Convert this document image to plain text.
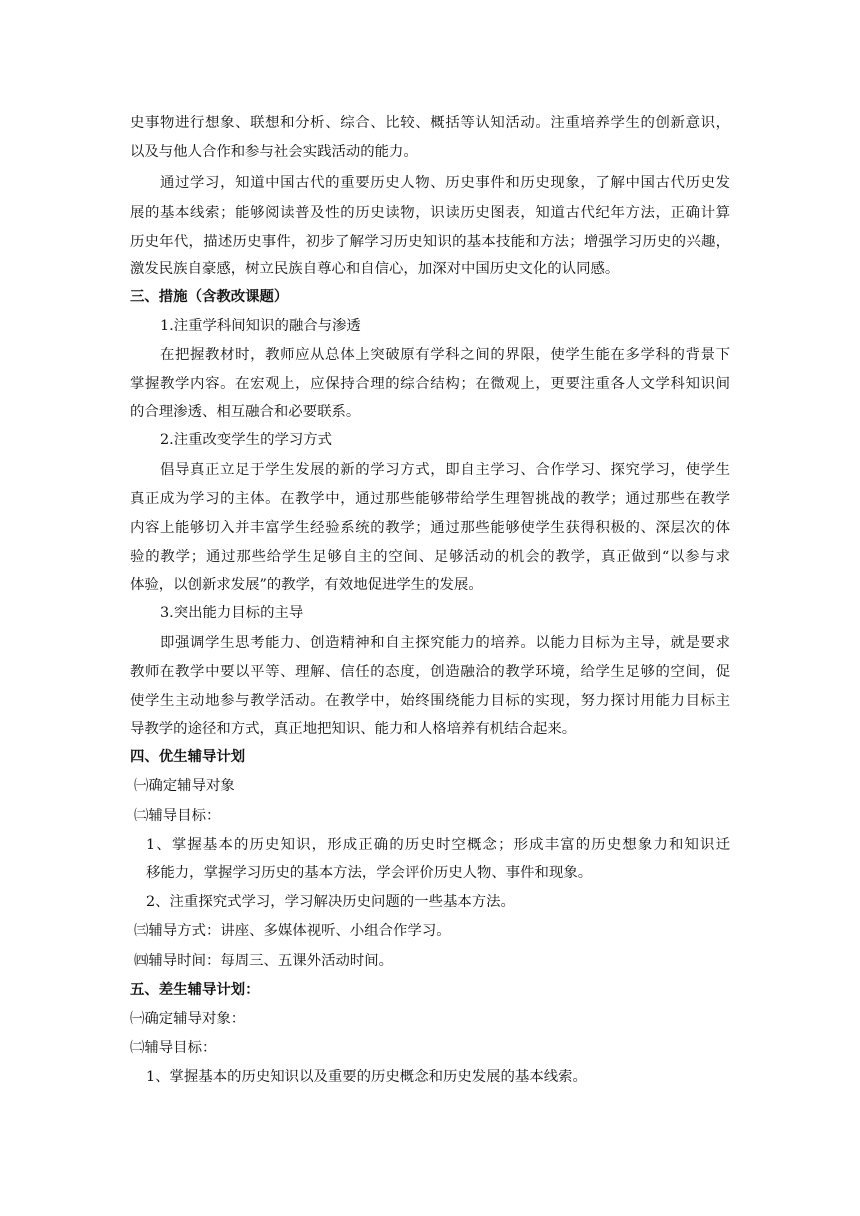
史事物进行想象、联想和分析、综合、比较、概括等认知活动。注重培养学生的创新意识，
以及与他人合作和参与社会实践活动的能力。
通过学习，知道中国古代的重要历史人物、历史事件和历史现象，了解中国古代历史发
展的基本线索；能够阅读普及性的历史读物，识读历史图表，知道古代纪年方法，正确计算
历史年代，描述历史事件，初步了解学习历史知识的基本技能和方法；增强学习历史的兴趣，
激发民族自豪感，树立民族自尊心和自信心，加深对中国历史文化的认同感。
三、措施（含教改课题）
1.注重学科间知识的融合与渗透
在把握教材时，教师应从总体上突破原有学科之间的界限，使学生能在多学科的背景下
掌握教学内容。在宏观上，应保持合理的综合结构；在微观上，更要注重各人文学科知识间
的合理渗透、相互融合和必要联系。
2.注重改变学生的学习方式
倡导真正立足于学生发展的新的学习方式，即自主学习、合作学习、探究学习，使学生
真正成为学习的主体。在教学中，通过那些能够带给学生理智挑战的教学；通过那些在教学
内容上能够切入并丰富学生经验系统的教学；通过那些能够使学生获得积极的、深层次的体
验的教学；通过那些给学生足够自主的空间、足够活动的机会的教学，真正做到“以参与求
体验，以创新求发展”的教学，有效地促进学生的发展。
3.突出能力目标的主导
即强调学生思考能力、创造精神和自主探究能力的培养。以能力目标为主导，就是要求
教师在教学中要以平等、理解、信任的态度，创造融洽的教学环境，给学生足够的空间，促
使学生主动地参与教学活动。在教学中，始终围绕能力目标的实现，努力探讨用能力目标主
导教学的途径和方式，真正地把知识、能力和人格培养有机结合起来。
四、优生辅导计划
㈠确定辅导对象
㈡辅导目标：
1、掌握基本的历史知识，形成正确的历史时空概念；形成丰富的历史想象力和知识迁
移能力，掌握学习历史的基本方法，学会评价历史人物、事件和现象。
2、注重探究式学习，学习解决历史问题的一些基本方法。
㈢辅导方式：讲座、多媒体视听、小组合作学习。
㈣辅导时间：每周三、五课外活动时间。
五、差生辅导计划：
㈠确定辅导对象：
㈡辅导目标：
1、掌握基本的历史知识以及重要的历史概念和历史发展的基本线索。
